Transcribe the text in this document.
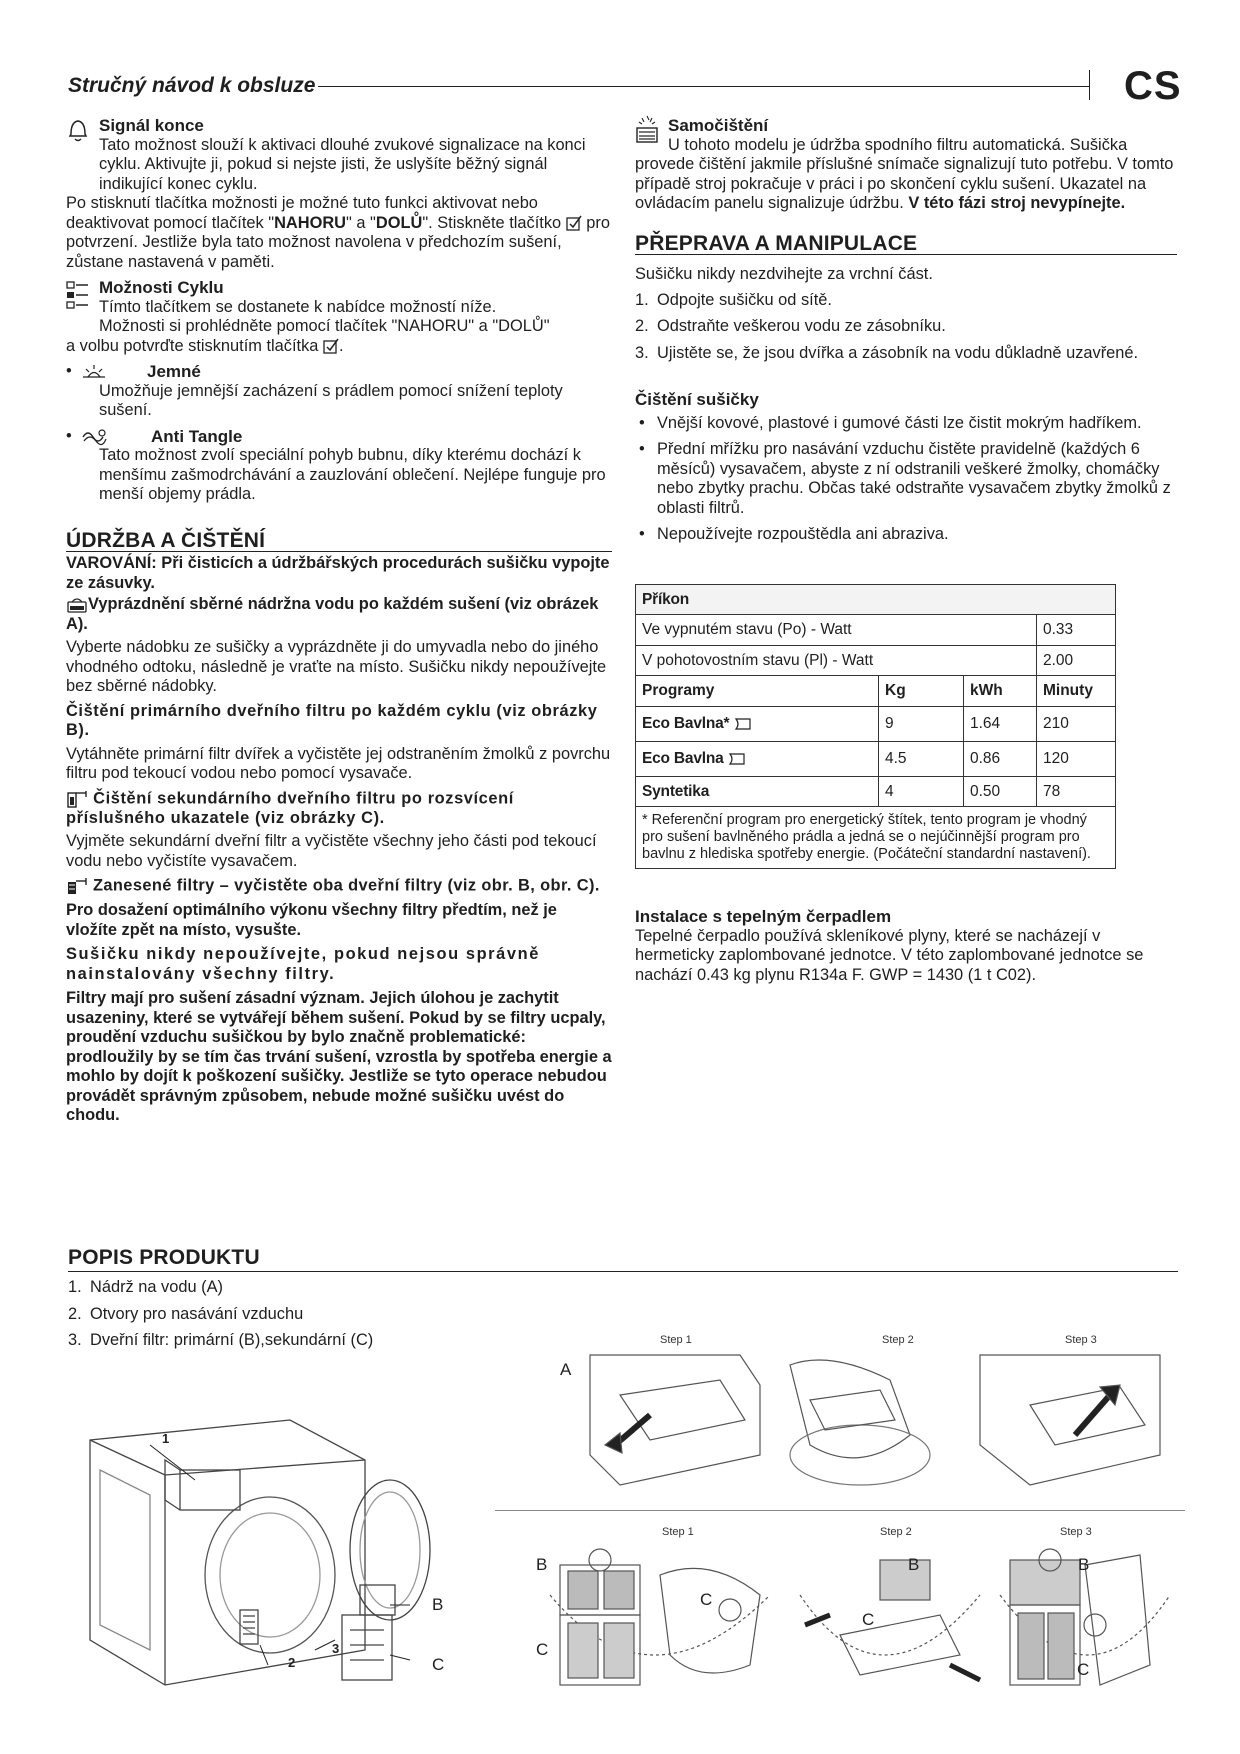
Stručný návod k obsluze	CS
Signál konce
Tato možnost slouží k aktivaci dlouhé zvukové signalizace na konci cyklu. Aktivujte ji, pokud si nejste jisti, že uslyšíte běžný signál indikující konec cyklu.

Po stisknutí tlačítka možnosti je možné tuto funkci aktivovat nebo deaktivovat pomocí tlačítek "NAHORU" a "DOLŮ". Stiskněte tlačítko pro potvrzení. Jestliže byla tato možnost navolena v předchozím sušení, zůstane nastavená v paměti.

Možnosti Cyklu
Tímto tlačítkem se dostanete k nabídce možností níže.
Možnosti si prohlédněte pomocí tlačítek "NAHORU" a "DOLŮ"

a volbu potvrďte stisknutím tlačítka .

•	Jemné
Umožňuje jemnější zacházení s prádlem pomocí snížení teploty sušení.
•	Anti Tangle
Tato možnost zvolí speciální pohyb bubnu, díky kterému dochází k menšímu zašmodrchávání a zauzlování oblečení. Nejlépe funguje pro menší objemy prádla.
ÚDRŽBA A ČIŠTĚNÍ

VAROVÁNÍ: Při čisticích a údržbářských procedurách sušičku vypojte ze zásuvky.

Vyprázdnění sběrné nádržna vodu po každém sušení (viz obrázek A).

Vyberte nádobku ze sušičky a vyprázdněte ji do umyvadla nebo do jiného vhodného odtoku, následně je vraťte na místo. Sušičku nikdy nepoužívejte bez sběrné nádobky.

Čištění primárního dveřního filtru po každém cyklu (viz obrázky B).

Vytáhněte primární filtr dvířek a vyčistěte jej odstraněním žmolků z povrchu filtru pod tekoucí vodou nebo pomocí vysavače.

Čištění sekundárního dveřního filtru po rozsvícení příslušného ukazatele (viz obrázky C).

Vyjměte sekundární dveřní filtr a vyčistěte všechny jeho části pod tekoucí vodu nebo vyčistíte vysavačem.

Zanesené filtry – vyčistěte oba dveřní filtry (viz obr. B, obr. C).

Pro dosažení optimálního výkonu všechny filtry předtím, než je vložíte zpět na místo, vysušte.

Sušičku nikdy nepoužívejte, pokud nejsou správně nainstalovány všechny filtry.

Filtry mají pro sušení zásadní význam. Jejich úlohou je zachytit usazeniny, které se vytvářejí během sušení. Pokud by se filtry ucpaly, proudění vzduchu sušičkou by bylo značně problematické: prodloužily by se tím čas trvání sušení, vzrostla by spotřeba energie a mohlo by dojít k poškození sušičky. Jestliže se tyto operace nebudou provádět správným způsobem, nebude možné sušičku uvést do chodu.

Samočištění

U tohoto modelu je údržba spodního filtru automatická. Sušička provede čištění jakmile příslušné snímače signalizují tuto potřebu. V tomto případě stroj pokračuje v práci i po skončení cyklu sušení. Ukazatel na ovládacím panelu signalizuje údržbu. V této fázi stroj nevypínejte.

PŘEPRAVA A MANIPULACE

Sušičku nikdy nezdvihejte za vrchní část.

1. Odpojte sušičku od sítě.
2. Odstraňte veškerou vodu ze zásobníku.
3. Ujistěte se, že jsou dvířka a zásobník na vodu důkladně uzavřené.
Čištění sušičky
• Vnější kovové, plastové i gumové části lze čistit mokrým hadříkem.
• Přední mřížku pro nasávání vzduchu čistěte pravidelně (každých 6 měsíců) vysavačem, abyste z ní odstranili veškeré žmolky, chomáčky nebo zbytky prachu. Občas také odstraňte vysavačem zbytky žmolků z oblasti filtrů.
• Nepoužívejte rozpouštědla ani abraziva.
Příkon			
Ve vypnutém stavu (Po) - Watt			0.33
V pohotovostním stavu (Pl) - Watt			2.00
Programy	Kg	kWh	Minuty
Eco Bavlna*	9	1.64	210
Eco Bavlna	4.5	0.86	120
Syntetika	4	0.50	78
* Referenční program pro energetický štítek, tento program je vhodný pro sušení bavlněného prádla a jedná se o nejúčinnější program pro bavlnu z hlediska spotřeby energie. (Počáteční standardní nastavení).			
Instalace s tepelným čerpadlem

Tepelné čerpadlo používá skleníkové plyny, které se nacházejí v hermeticky zaplombované jednotce. V této zaplombované jednotce se nachází 0.43 kg plynu R134a F. GWP = 1430 (1 t C02).

POPIS PRODUKTU
1. Nádrž na vodu (A)
2. Otvory pro nasávání vzduchu
3. Dveřní filtr: primární (B),sekundární (C)
1
2
3
B
C
A
Step 1	Step 2	Step 3
Step 1	Step 2	Step 3
B
C
C
B
C
B
C
